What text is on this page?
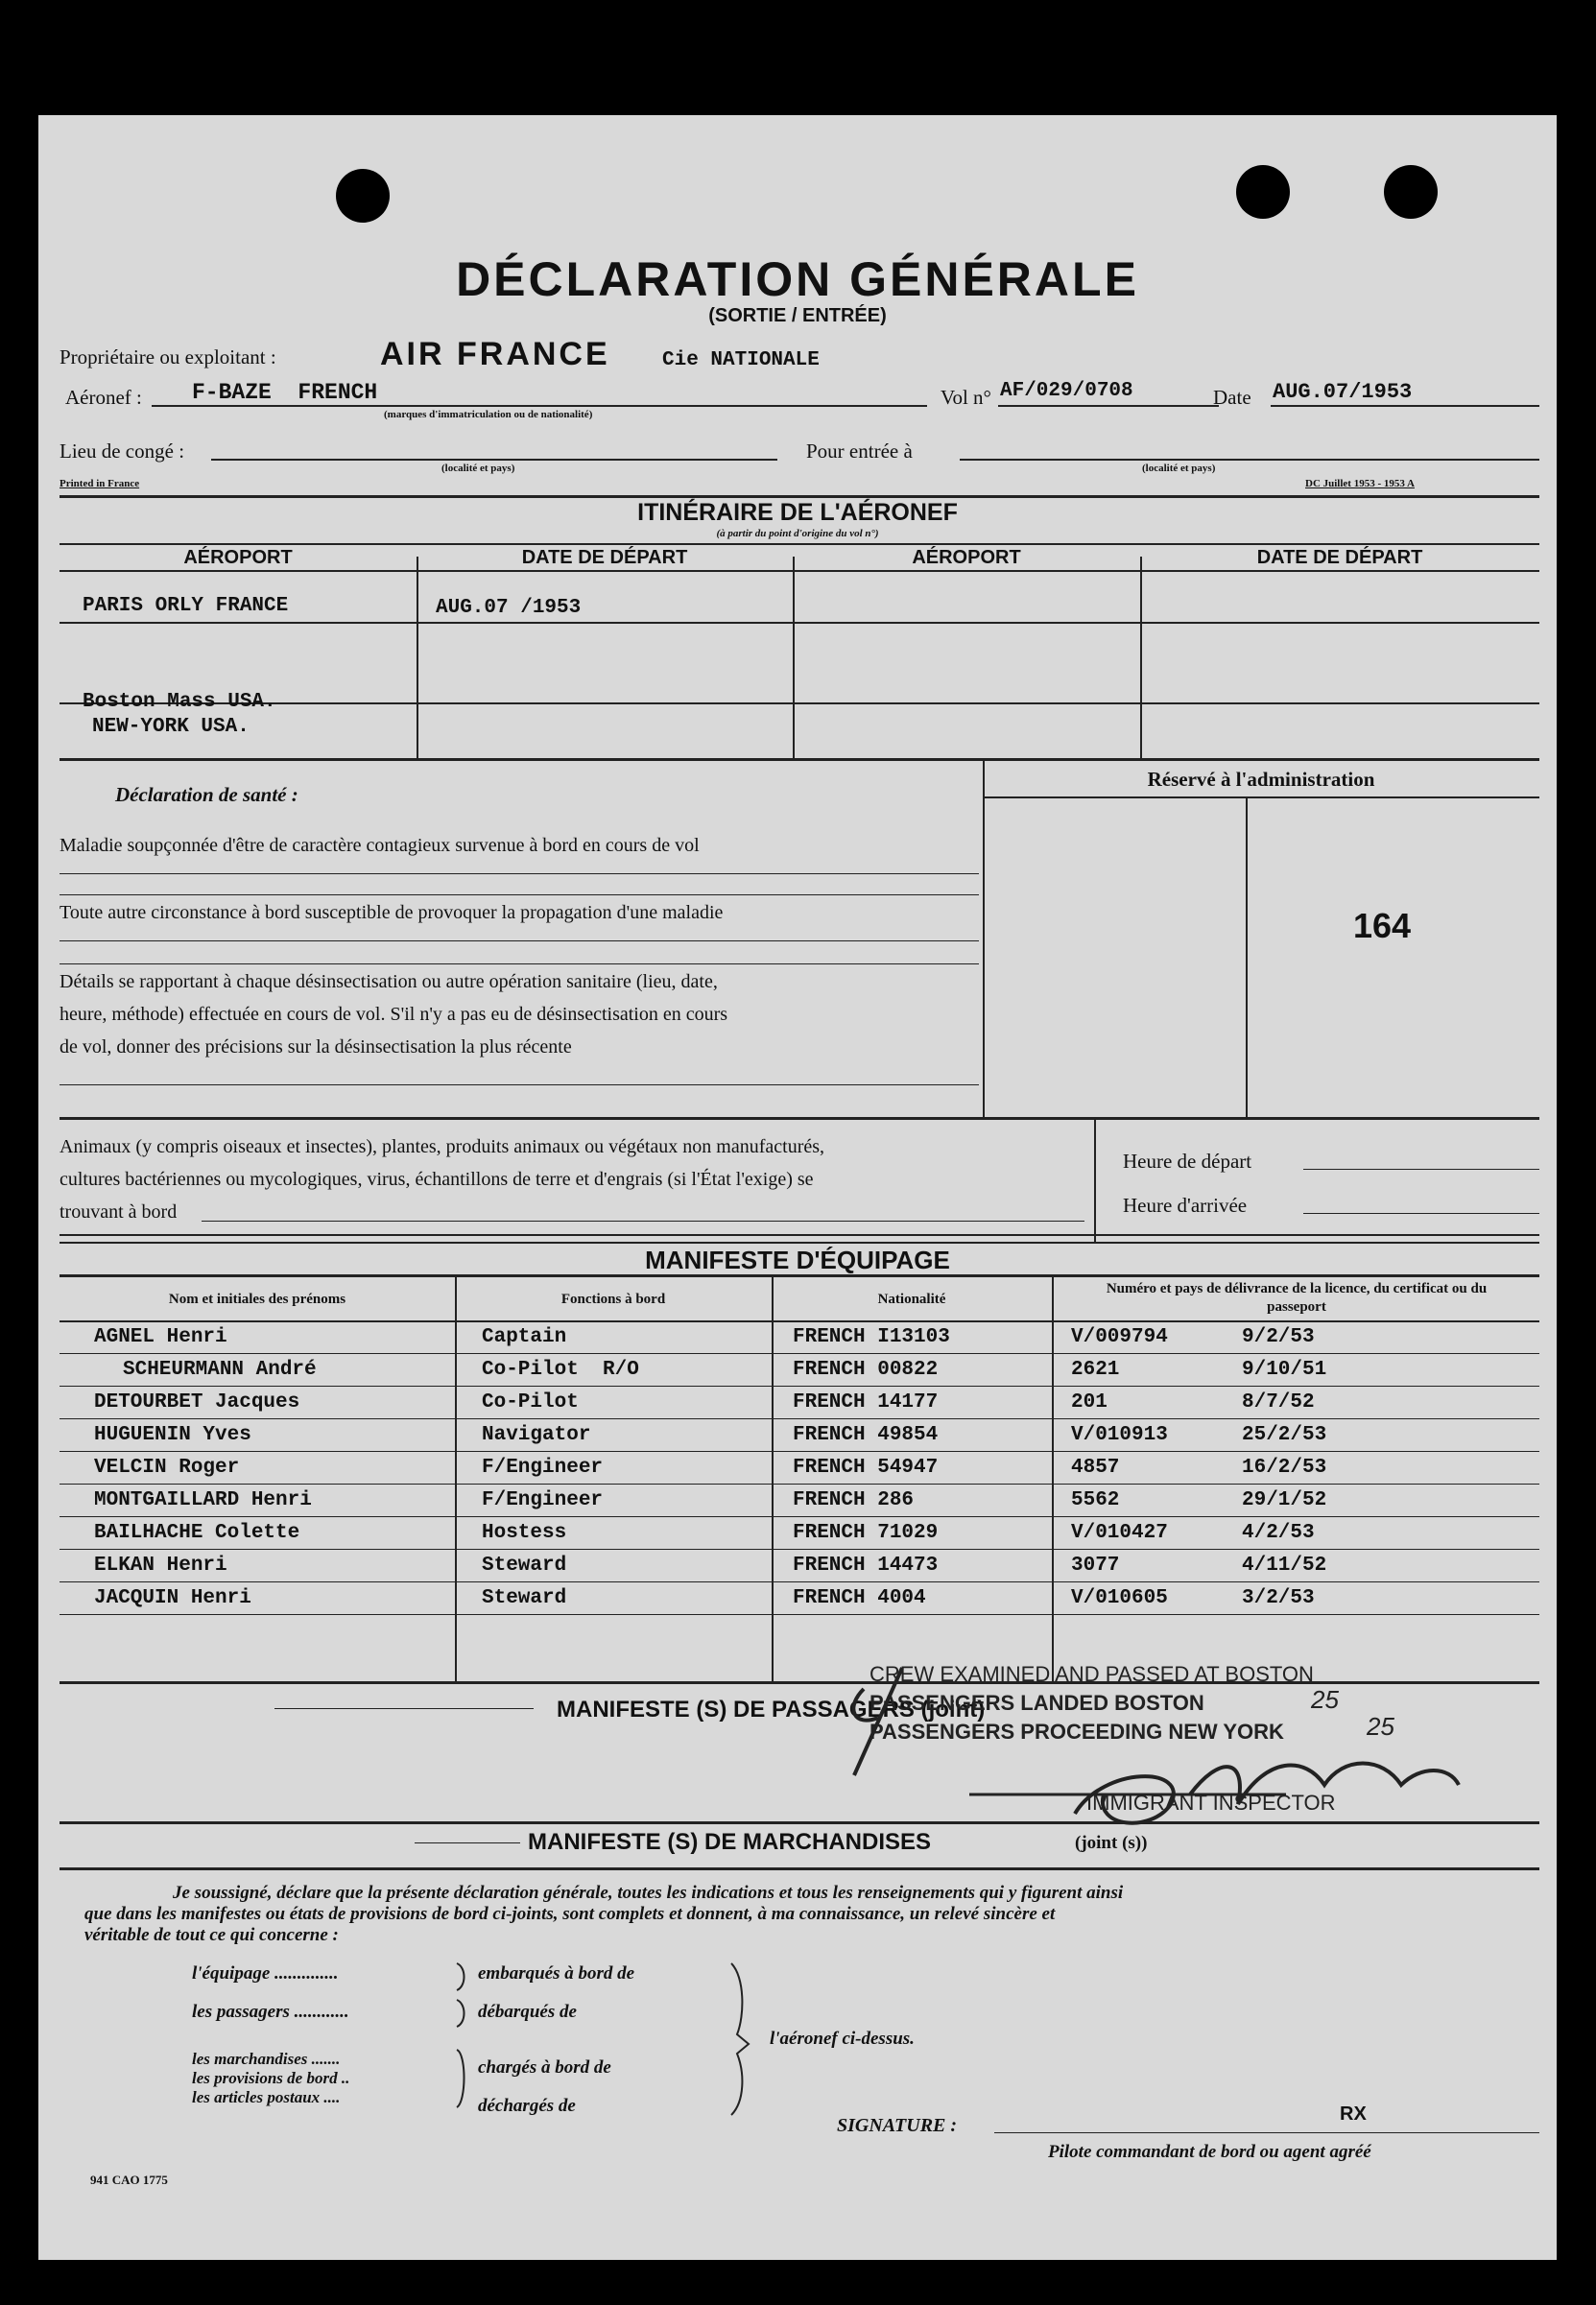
DÉCLARATION GÉNÉRALE
(SORTIE / ENTRÉE)
Propriétaire ou exploitant :	AIR FRANCE	Cie NATIONALE
Aéronef : F-BAZE  FRENCH
(marques d'immatriculation ou de nationalité)
Vol n° AF/029/0708	Date AUG.07/1953
Lieu de congé :
(localité et pays)
Pour entrée à
(localité et pays)
Printed in France	DC Juillet 1953 - 1953 A
ITINÉRAIRE DE L'AÉRONEF
(à partir du point d'origine du vol n°)
AÉROPORT	DATE DE DÉPART	AÉROPORT	DATE DE DÉPART
PARIS ORLY FRANCE	AUG.07 /1953
Boston Mass USA.
NEW-YORK USA.
Déclaration de santé :
Maladie soupçonnée d'être de caractère contagieux survenue à bord en cours de vol
Toute autre circonstance à bord susceptible de provoquer la propagation d'une maladie
Détails se rapportant à chaque désinsectisation ou autre opération sanitaire (lieu, date,
heure, méthode) effectuée en cours de vol. S'il n'y a pas eu de désinsectisation en cours
de vol, donner des précisions sur la désinsectisation la plus récente
Réservé à l'administration
164
Animaux (y compris oiseaux et insectes), plantes, produits animaux ou végétaux non manufacturés,
cultures bactériennes ou mycologiques, virus, échantillons de terre et d'engrais (si l'État l'exige) se
trouvant à bord
Heure de départ
Heure d'arrivée
MANIFESTE D'ÉQUIPAGE
Nom et initiales des prénoms	Fonctions à bord	Nationalité
Numéro et pays de délivrance de la licence, du certificat ou du passeport
AGNEL Henri	Captain	FRENCH I13103	V/009794	9/2/53
SCHEURMANN André	Co-Pilot  R/O	FRENCH 00822	2621	9/10/51
DETOURBET Jacques	Co-Pilot	FRENCH 14177	201	8/7/52
HUGUENIN Yves	Navigator	FRENCH 49854	V/010913	25/2/53
VELCIN Roger	F/Engineer	FRENCH 54947	4857	16/2/53
MONTGAILLARD Henri	F/Engineer	FRENCH 286	5562	29/1/52
BAILHACHE Colette	Hostess	FRENCH 71029	V/010427	4/2/53
ELKAN Henri	Steward	FRENCH 14473	3077	4/11/52
JACQUIN Henri	Steward	FRENCH 4004	V/010605	3/2/53
MANIFESTE (S) DE PASSAGERS (joint)
CREW EXAMINED AND PASSED AT BOSTON
PASSENGERS LANDED BOSTON	25
PASSENGERS PROCEEDING NEW YORK	25
IMMIGRANT INSPECTOR
MANIFESTE (S) DE MARCHANDISES	(joint (s))
Je soussigné, déclare que la présente déclaration générale, toutes les indications et tous les renseignements qui y figurent ainsi
que dans les manifestes ou états de provisions de bord ci-joints, sont complets et donnent, à ma connaissance, un relevé sincère et
véritable de tout ce qui concerne :
l'équipage ..............
les passagers ............
les marchandises .......
les provisions de bord ..
les articles postaux ....
embarqués à bord de
débarqués de
chargés à bord de
déchargés de
l'aéronef ci-dessus.
SIGNATURE :
RX
Pilote commandant de bord ou agent agréé
941 CAO 1775
